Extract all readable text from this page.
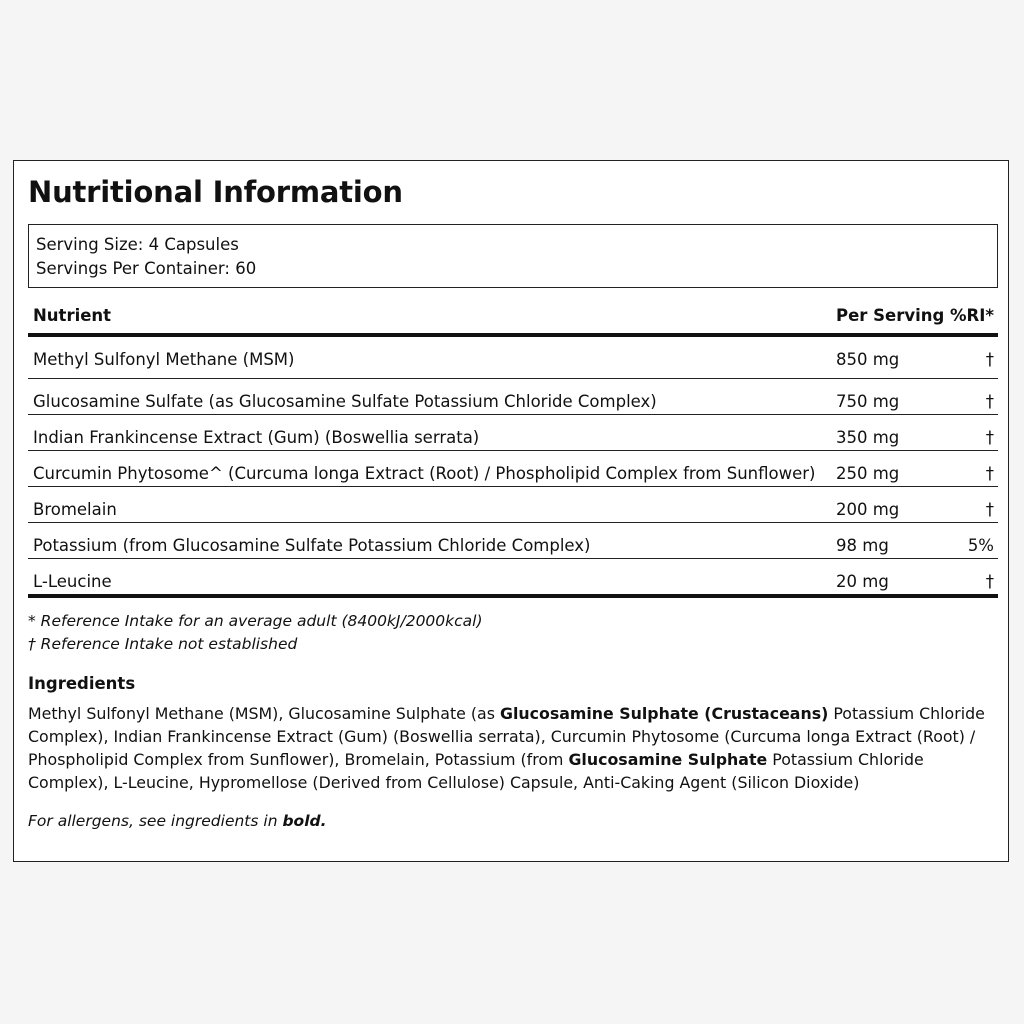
Nutritional Information
Serving Size: 4 Capsules
Servings Per Container: 60
Nutrient	Per Serving %RI*
Methyl Sulfonyl Methane (MSM)	850 mg	†
Glucosamine Sulfate (as Glucosamine Sulfate Potassium Chloride Complex)	750 mg	†
Indian Frankincense Extract (Gum) (Boswellia serrata)	350 mg	†
Curcumin Phytosome^ (Curcuma longa Extract (Root) / Phospholipid Complex from Sunflower) 250 mg	†
Bromelain	200 mg	†
Potassium (from Glucosamine Sulfate Potassium Chloride Complex)	98 mg	5%
L-Leucine	20 mg	†
* Reference Intake for an average adult (8400kJ/2000kcal)
† Reference Intake not established
Ingredients
Methyl Sulfonyl Methane (MSM), Glucosamine Sulphate (as Glucosamine Sulphate (Crustaceans) Potassium Chloride Complex), Indian Frankincense Extract (Gum) (Boswellia serrata), Curcumin Phytosome (Curcuma longa Extract (Root) / Phospholipid Complex from Sunflower), Bromelain, Potassium (from Glucosamine Sulphate Potassium Chloride Complex), L-Leucine, Hypromellose (Derived from Cellulose) Capsule, Anti-Caking Agent (Silicon Dioxide)
For allergens, see ingredients in bold.
